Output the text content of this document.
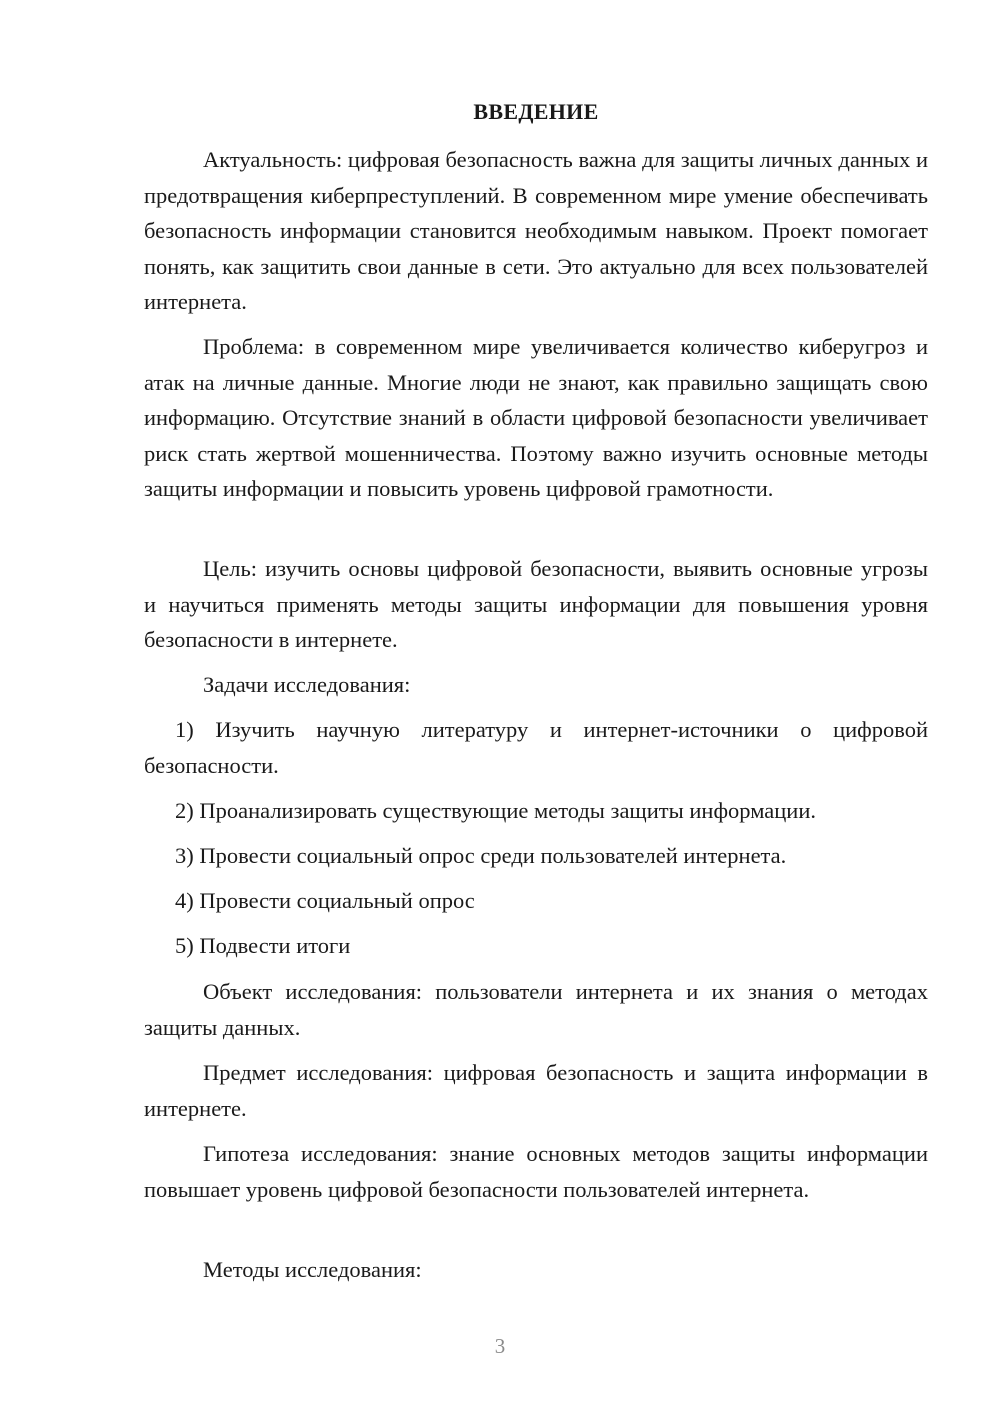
ВВЕДЕНИЕ

Актуальность: цифровая безопасность важна для защиты личных данных и предотвращения киберпреступлений. В современном мире умение обеспечивать безопасность информации становится необходимым навыком. Проект помогает понять, как защитить свои данные в сети. Это актуально для всех пользователей интернета.

Проблема: в современном мире увеличивается количество киберугроз и атак на личные данные. Многие люди не знают, как правильно защищать свою информацию. Отсутствие знаний в области цифровой безопасности увеличивает риск стать жертвой мошенничества. Поэтому важно изучить основные методы защиты информации и повысить уровень цифровой грамотности.

Цель: изучить основы цифровой безопасности, выявить основные угрозы и научиться применять методы защиты информации для повышения уровня безопасности в интернете.

Задачи исследования:

1) Изучить научную литературу и интернет-источники о цифровой безопасности.

2) Проанализировать существующие методы защиты информации.

3) Провести социальный опрос среди пользователей интернета.

4) Провести социальный опрос

5) Подвести итоги

Объект исследования: пользователи интернета и их знания о методах защиты данных.

Предмет исследования: цифровая безопасность и защита информации в интернете.

Гипотеза исследования: знание основных методов защиты информации повышает уровень цифровой безопасности пользователей интернета.

Методы исследования:

3
